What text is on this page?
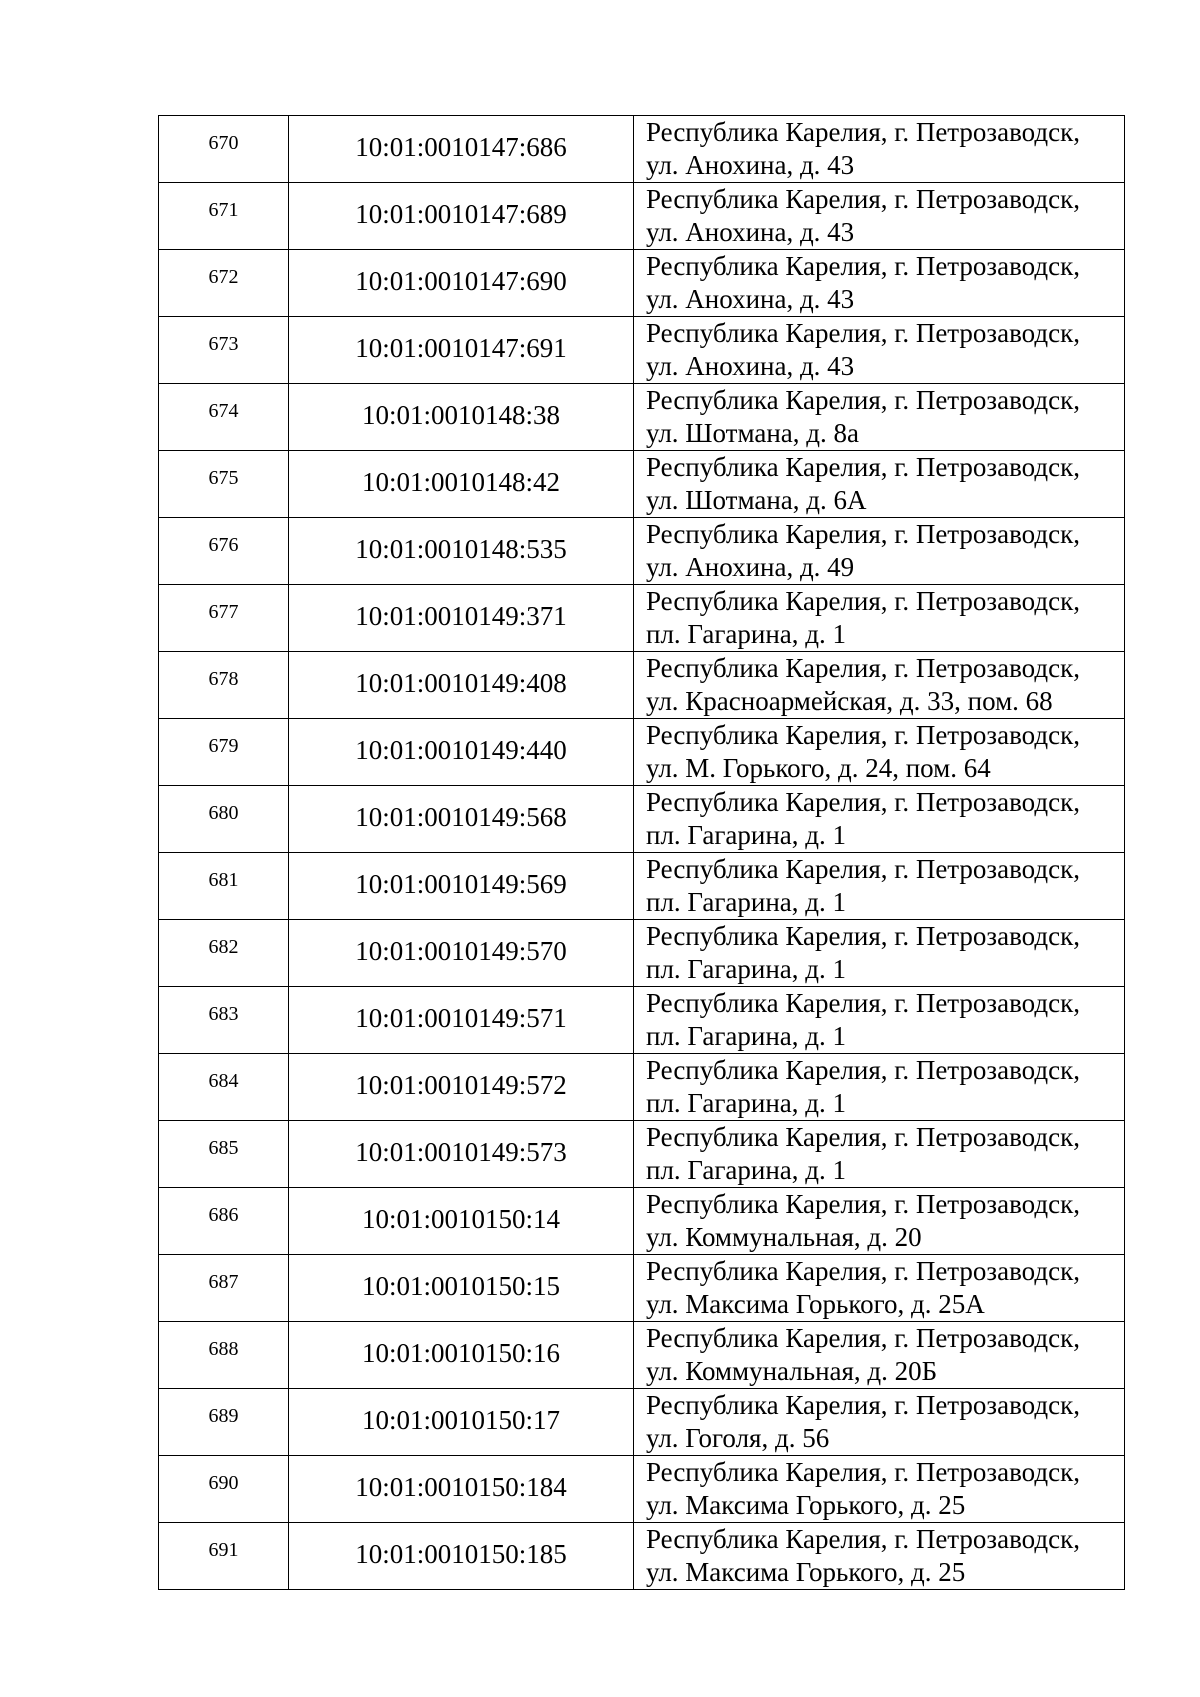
670	10:01:0010147:686	Республика Карелия, г. Петрозаводск,
ул. Анохина, д. 43

671	10:01:0010147:689	Республика Карелия, г. Петрозаводск,
ул. Анохина, д. 43

672	10:01:0010147:690	Республика Карелия, г. Петрозаводск,
ул. Анохина, д. 43

673	10:01:0010147:691	Республика Карелия, г. Петрозаводск,
ул. Анохина, д. 43

674	10:01:0010148:38	Республика Карелия, г. Петрозаводск,
ул. Шотмана, д. 8а

675	10:01:0010148:42	Республика Карелия, г. Петрозаводск,
ул. Шотмана, д. 6А

676	10:01:0010148:535	Республика Карелия, г. Петрозаводск,
ул. Анохина, д. 49

677	10:01:0010149:371	Республика Карелия, г. Петрозаводск,
пл. Гагарина, д. 1

678	10:01:0010149:408	Республика Карелия, г. Петрозаводск,
ул. Красноармейская, д. 33, пом. 68

679	10:01:0010149:440	Республика Карелия, г. Петрозаводск,
ул. М. Горького, д. 24, пом. 64

680	10:01:0010149:568	Республика Карелия, г. Петрозаводск,
пл. Гагарина, д. 1

681	10:01:0010149:569	Республика Карелия, г. Петрозаводск,
пл. Гагарина, д. 1

682	10:01:0010149:570	Республика Карелия, г. Петрозаводск,
пл. Гагарина, д. 1

683	10:01:0010149:571	Республика Карелия, г. Петрозаводск,
пл. Гагарина, д. 1

684	10:01:0010149:572	Республика Карелия, г. Петрозаводск,
пл. Гагарина, д. 1

685	10:01:0010149:573	Республика Карелия, г. Петрозаводск,
пл. Гагарина, д. 1

686	10:01:0010150:14	Республика Карелия, г. Петрозаводск,
ул. Коммунальная, д. 20

687	10:01:0010150:15	Республика Карелия, г. Петрозаводск,
ул. Максима Горького, д. 25А

688	10:01:0010150:16	Республика Карелия, г. Петрозаводск,
ул. Коммунальная, д. 20Б

689	10:01:0010150:17	Республика Карелия, г. Петрозаводск,
ул. Гоголя, д. 56

690	10:01:0010150:184	Республика Карелия, г. Петрозаводск,
ул. Максима Горького, д. 25

691	10:01:0010150:185	Республика Карелия, г. Петрозаводск,
ул. Максима Горького, д. 25
